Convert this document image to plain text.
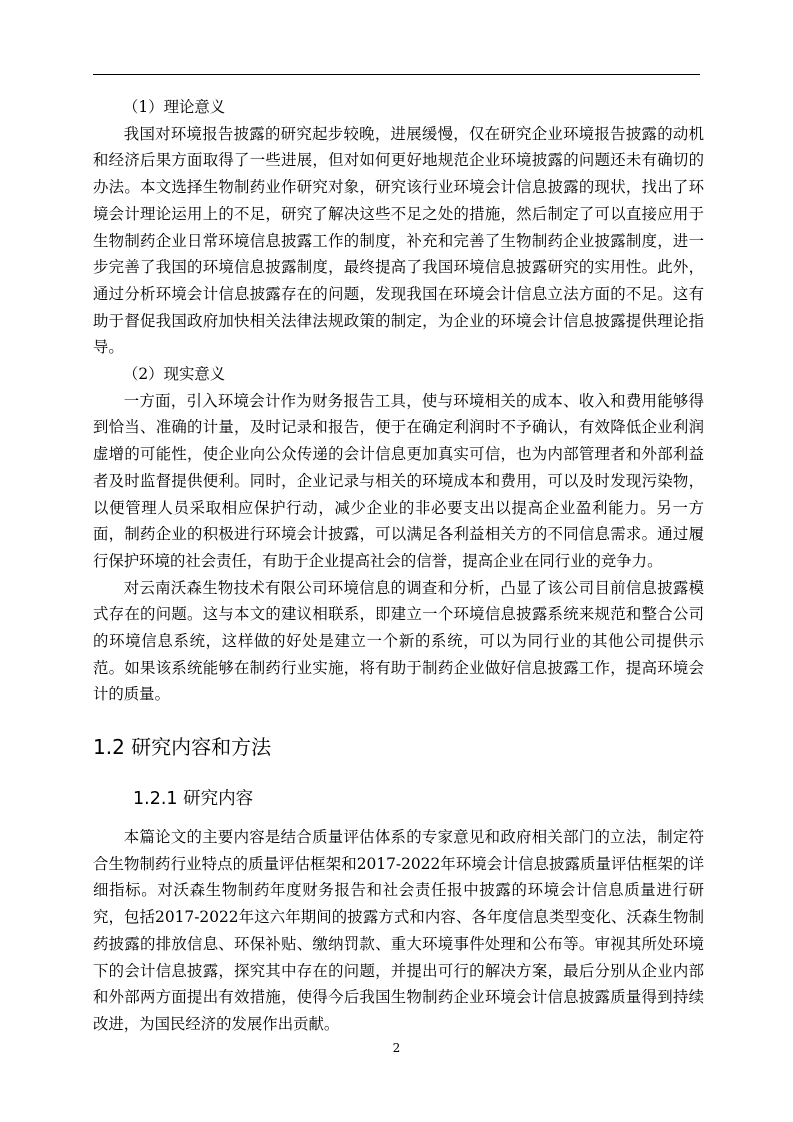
（1）理论意义

我国对环境报告披露的研究起步较晚，进展缓慢，仅在研究企业环境报告披露的动机和经济后果方面取得了一些进展，但对如何更好地规范企业环境披露的问题还未有确切的办法。本文选择生物制药业作研究对象，研究该行业环境会计信息披露的现状，找出了环境会计理论运用上的不足，研究了解决这些不足之处的措施，然后制定了可以直接应用于生物制药企业日常环境信息披露工作的制度，补充和完善了生物制药企业披露制度，进一步完善了我国的环境信息披露制度，最终提高了我国环境信息披露研究的实用性。此外，通过分析环境会计信息披露存在的问题，发现我国在环境会计信息立法方面的不足。这有助于督促我国政府加快相关法律法规政策的制定，为企业的环境会计信息披露提供理论指导。

（2）现实意义

一方面，引入环境会计作为财务报告工具，使与环境相关的成本、收入和费用能够得到恰当、准确的计量，及时记录和报告，便于在确定利润时不予确认，有效降低企业利润虚增的可能性，使企业向公众传递的会计信息更加真实可信，也为内部管理者和外部利益者及时监督提供便利。同时，企业记录与相关的环境成本和费用，可以及时发现污染物，以便管理人员采取相应保护行动，减少企业的非必要支出以提高企业盈利能力。另一方面，制药企业的积极进行环境会计披露，可以满足各利益相关方的不同信息需求。通过履行保护环境的社会责任，有助于企业提高社会的信誉，提高企业在同行业的竞争力。

对云南沃森生物技术有限公司环境信息的调查和分析，凸显了该公司目前信息披露模式存在的问题。这与本文的建议相联系，即建立一个环境信息披露系统来规范和整合公司的环境信息系统，这样做的好处是建立一个新的系统，可以为同行业的其他公司提供示范。如果该系统能够在制药行业实施，将有助于制药企业做好信息披露工作，提高环境会计的质量。

1.2 研究内容和方法
1.2.1 研究内容

本篇论文的主要内容是结合质量评估体系的专家意见和政府相关部门的立法，制定符合生物制药行业特点的质量评估框架和2017-2022年环境会计信息披露质量评估框架的详细指标。对沃森生物制药年度财务报告和社会责任报中披露的环境会计信息质量进行研究，包括2017-2022年这六年期间的披露方式和内容、各年度信息类型变化、沃森生物制药披露的排放信息、环保补贴、缴纳罚款、重大环境事件处理和公布等。审视其所处环境下的会计信息披露，探究其中存在的问题，并提出可行的解决方案，最后分别从企业内部和外部两方面提出有效措施，使得今后我国生物制药企业环境会计信息披露质量得到持续改进，为国民经济的发展作出贡献。

2
